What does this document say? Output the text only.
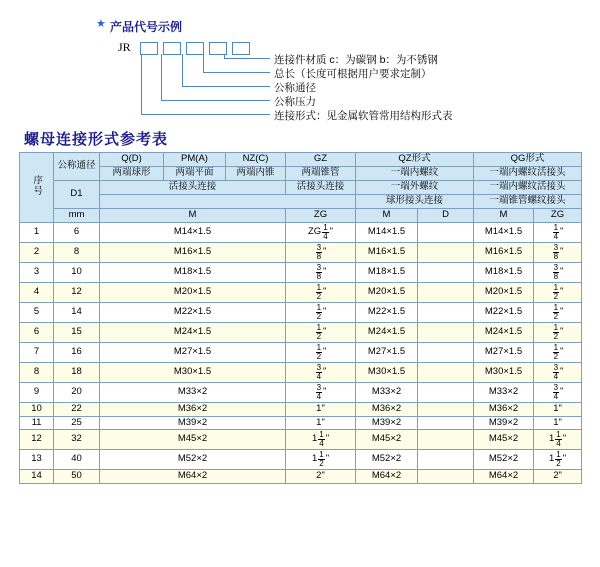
★ 产品代号示例
JR
连接件材质 c：为碳钢 b：为不锈钢
总长（长度可根据用户要求定制）
公称通径
公称压力
连接形式：见金属软管常用结构形式表
螺母连接形式参考表
序号	公称通径	Q(D)	PM(A)	NZ(C)	GZ	QZ形式		QG形式	
		两端球形	两端平面	两端内锥	两端锥管	一端内螺纹		一端内螺纹活接头	
	D1	活接头连接			活接头连接	一端外螺纹		一端内螺纹活接头	
						球形接头连接		一端锥管螺纹接头	
	mm	M			ZG	M	D	M	ZG
1	6	M14×1.5			ZG $\frac{1}{4}$ "	M14×1.5		M14×1.5	$\frac{1}{4}$ "
2	8	M16×1.5			$\frac{3}{8}$ "	M16×1.5		M16×1.5	$\frac{3}{8}$ "
3	10	M18×1.5			$\frac{3}{8}$ "	M18×1.5		M18×1.5	$\frac{3}{8}$ "
4	12	M20×1.5			$\frac{1}{2}$ "	M20×1.5		M20×1.5	$\frac{1}{2}$ "
5	14	M22×1.5			$\frac{1}{2}$ "	M22×1.5		M22×1.5	$\frac{1}{2}$ "
6	15	M24×1.5			$\frac{1}{2}$ "	M24×1.5		M24×1.5	$\frac{1}{2}$ "
7	16	M27×1.5			$\frac{1}{2}$ "	M27×1.5		M27×1.5	$\frac{1}{2}$ "
8	18	M30×1.5			$\frac{3}{4}$ "	M30×1.5		M30×1.5	$\frac{3}{4}$ "
9	20	M33×2			$\frac{3}{4}$ "	M33×2		M33×2	$\frac{3}{4}$ "
10	22	M36×2			1"	M36×2		M36×2	1"
11	25	M39×2			1"	M39×2		M39×2	1"
12	32	M45×2			$1 \frac{1}{4}$ "	M45×2		M45×2	$1 \frac{1}{4}$ "
13	40	M52×2			$1 \frac{1}{2}$ "	M52×2		M52×2	$1 \frac{1}{2}$ "
14	50	M64×2			2"	M64×2		M64×2	2"
